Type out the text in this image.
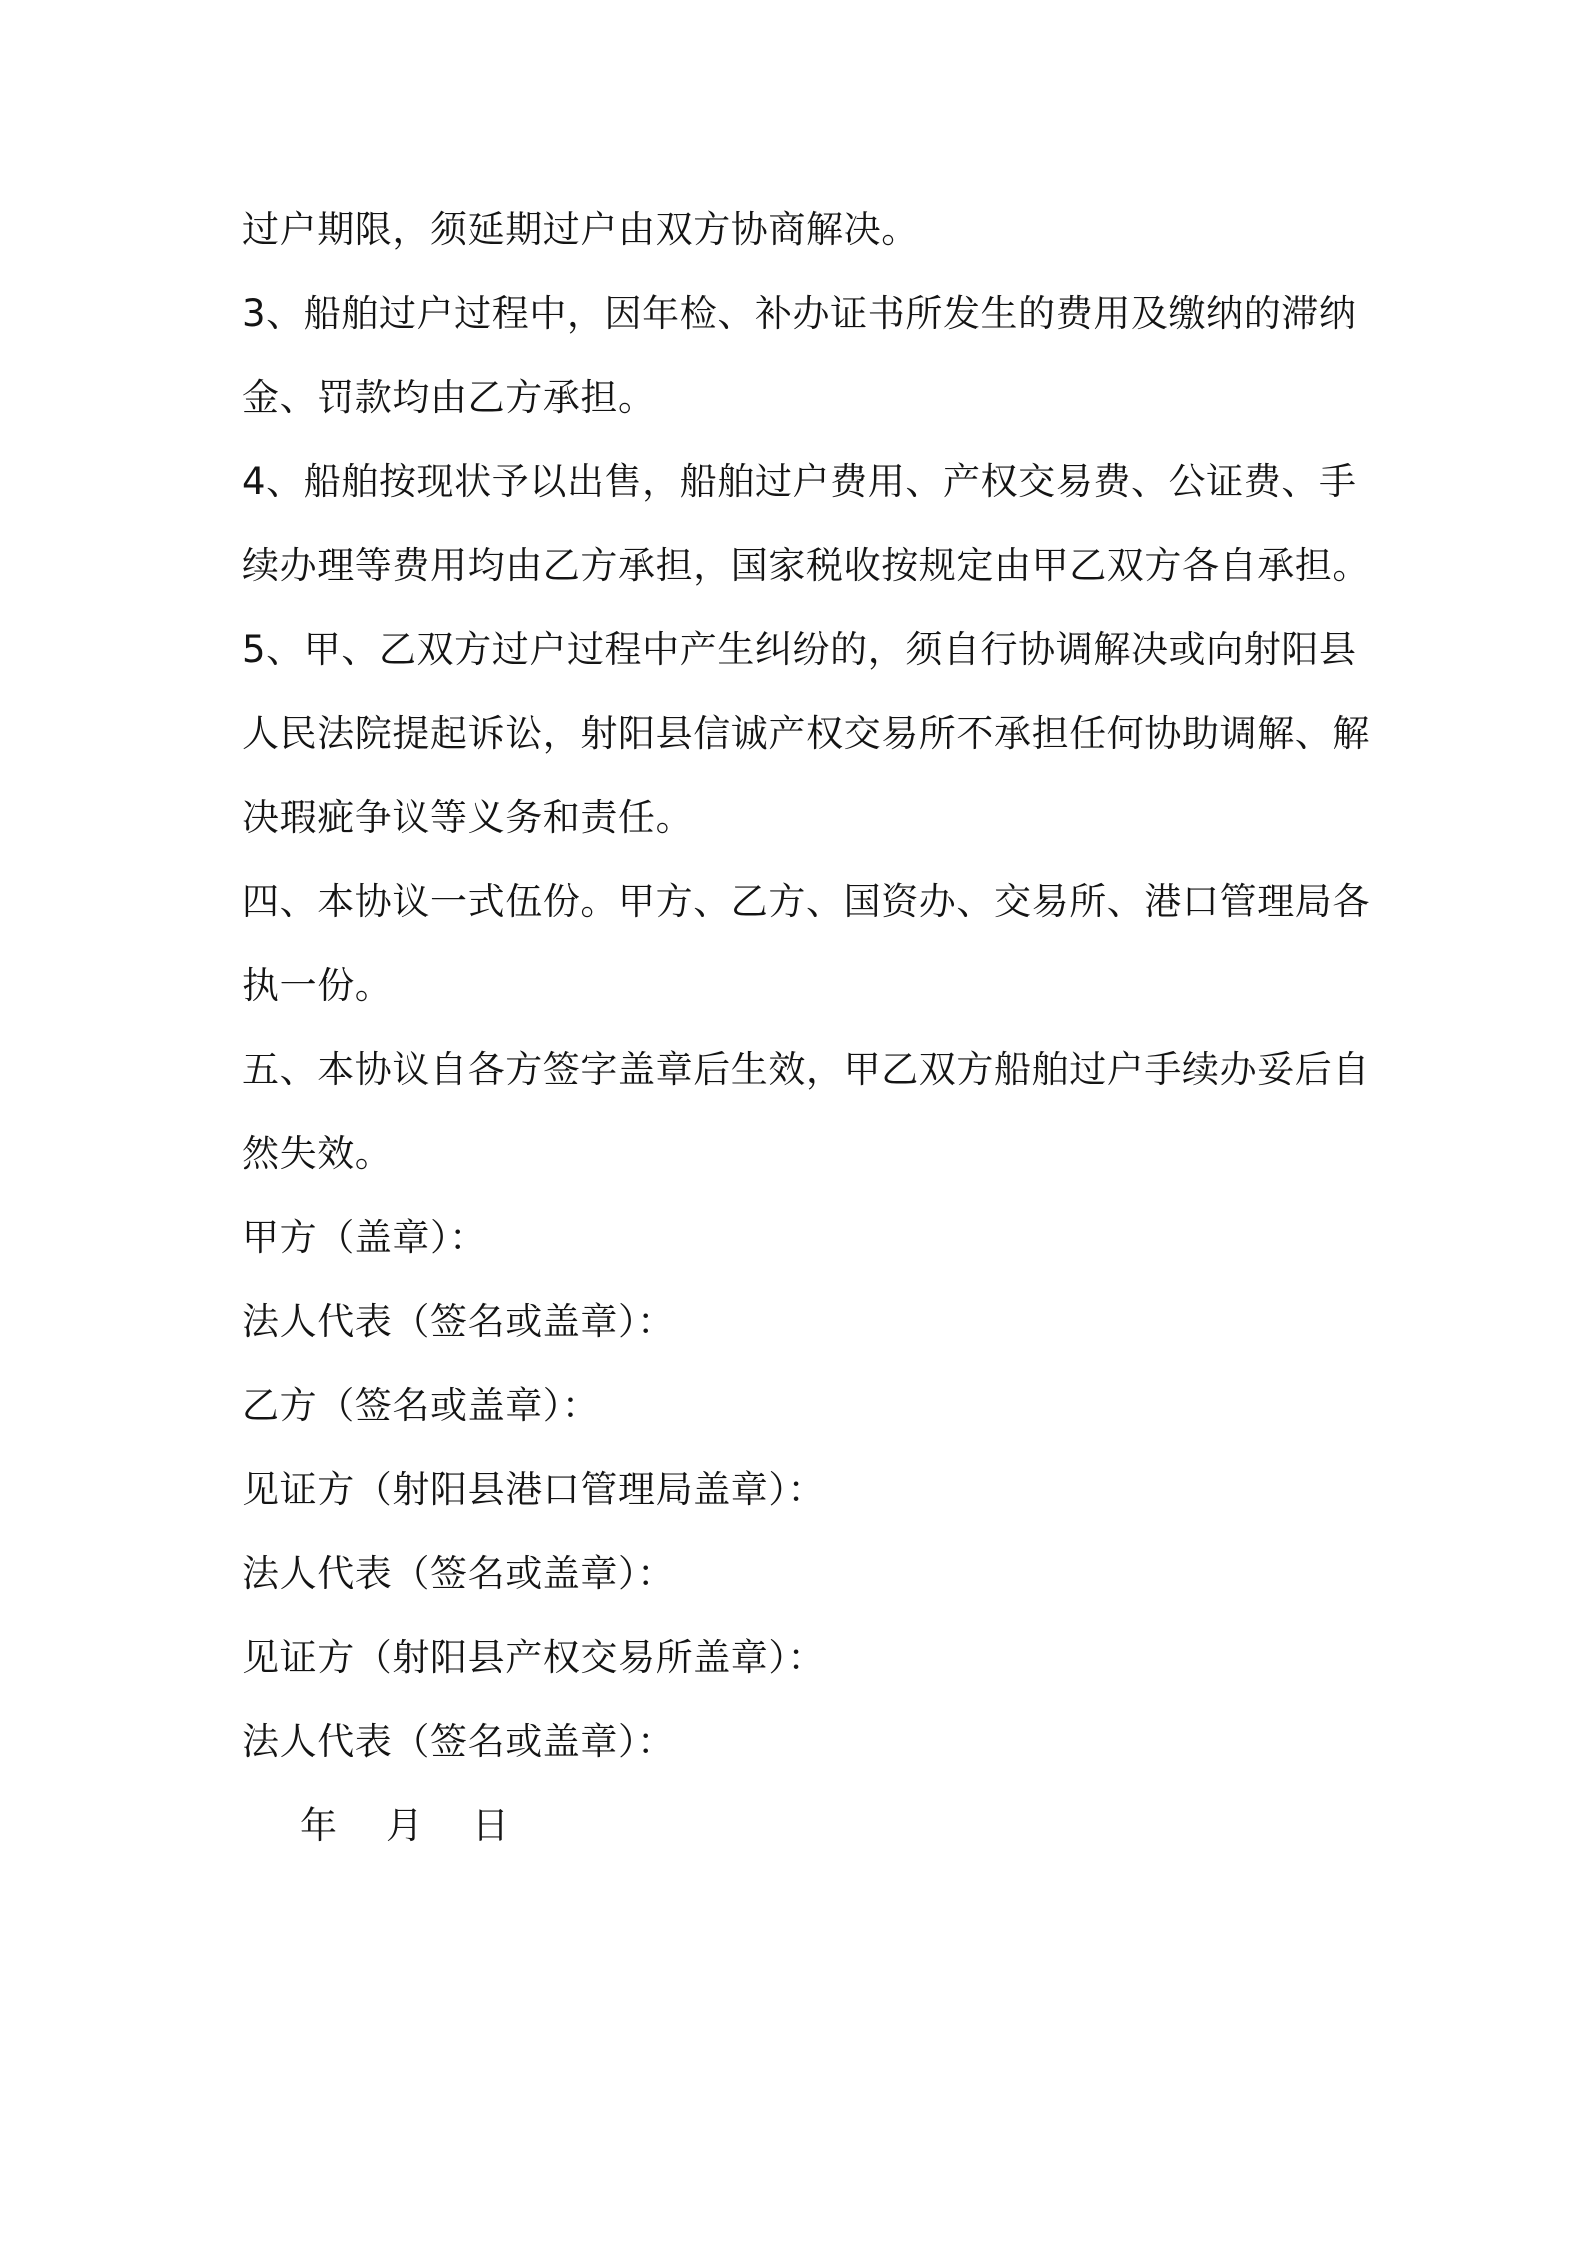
过户期限，须延期过户由双方协商解决。
3、船舶过户过程中，因年检、补办证书所发生的费用及缴纳的滞纳
金、罚款均由乙方承担。
4、船舶按现状予以出售，船舶过户费用、产权交易费、公证费、手
续办理等费用均由乙方承担，国家税收按规定由甲乙双方各自承担。
5、甲、乙双方过户过程中产生纠纷的，须自行协调解决或向射阳县
人民法院提起诉讼，射阳县信诚产权交易所不承担任何协助调解、解
决瑕疵争议等义务和责任。
四、本协议一式伍份。甲方、乙方、国资办、交易所、港口管理局各
执一份。
五、本协议自各方签字盖章后生效，甲乙双方船舶过户手续办妥后自
然失效。
甲方（盖章）：
法人代表（签名或盖章）：
乙方（签名或盖章）：
见证方（射阳县港口管理局盖章）：
法人代表（签名或盖章）：
见证方（射阳县产权交易所盖章）：
法人代表（签名或盖章）：
年 月 日
